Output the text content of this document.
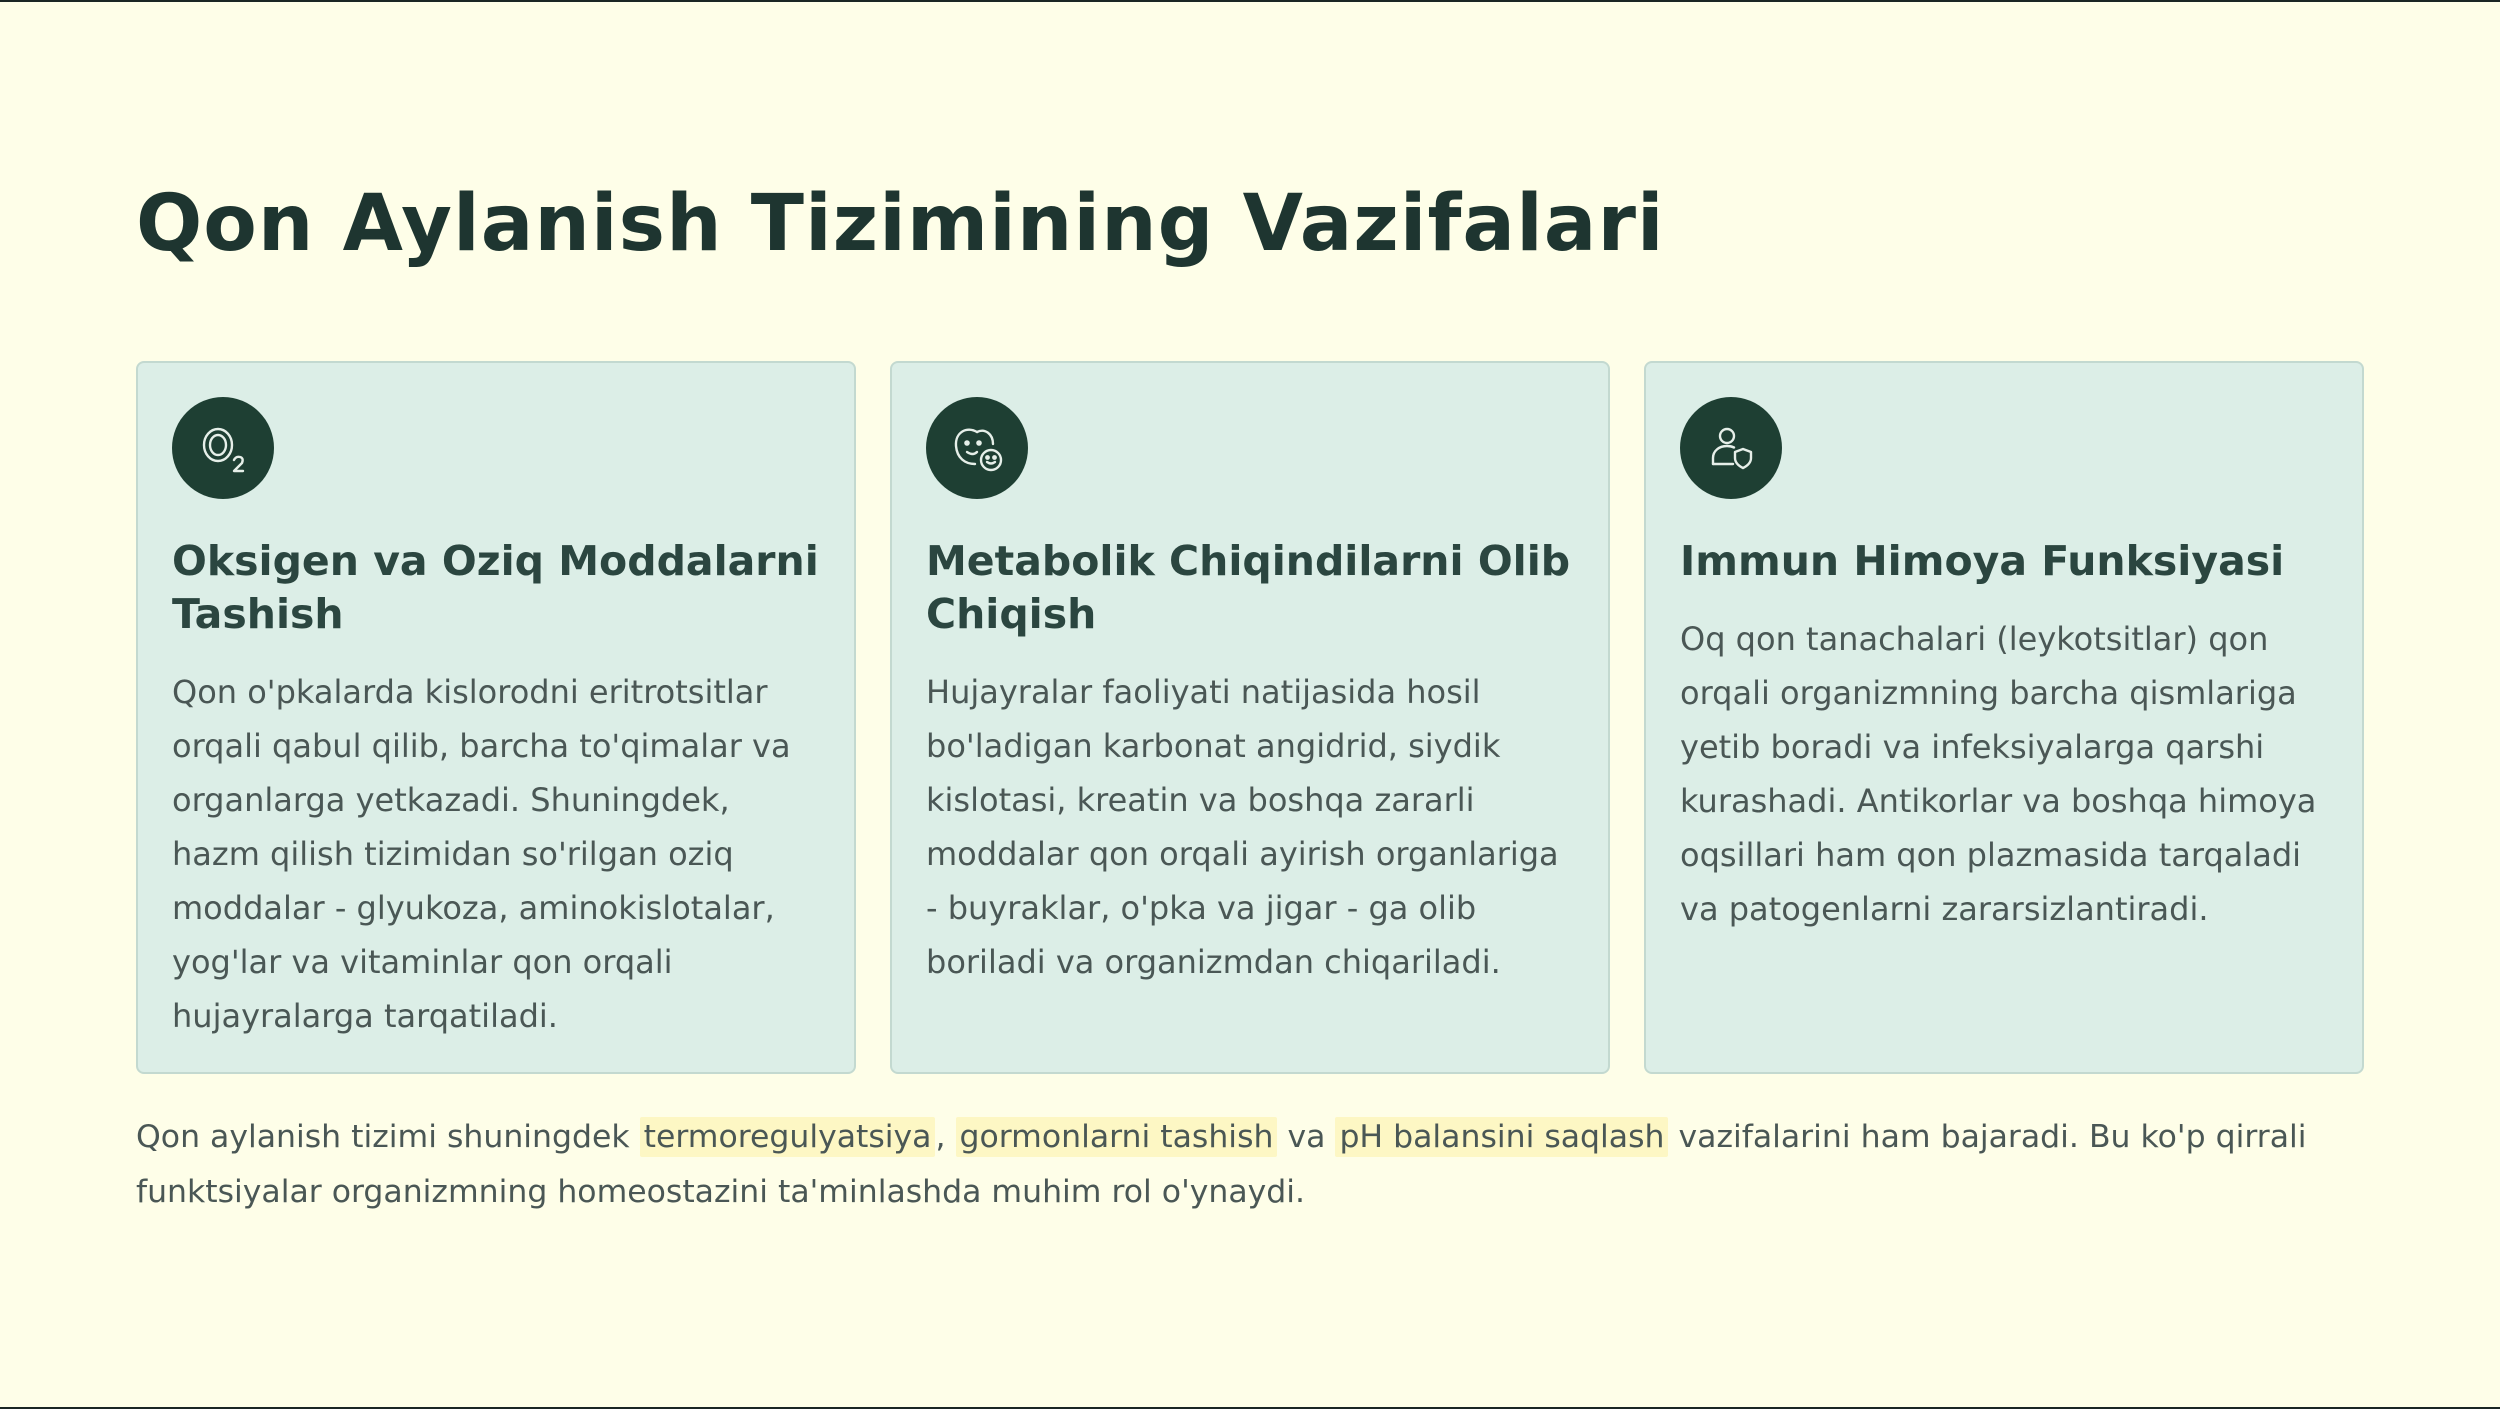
Qon Aylanish Tizimining Vazifalari
Oksigen va Oziq Moddalarni Tashish

Qon o'pkalarda kislorodni eritrotsitlar orqali qabul qilib, barcha to'qimalar va organlarga yetkazadi. Shuningdek, hazm qilish tizimidan so'rilgan oziq moddalar - glyukoza, aminokislotalar, yog'lar va vitaminlar qon orqali hujayralarga tarqatiladi.

Metabolik Chiqindilarni Olib Chiqish

Hujayralar faoliyati natijasida hosil bo'ladigan karbonat angidrid, siydik kislotasi, kreatin va boshqa zararli moddalar qon orqali ayirish organlariga - buyraklar, o'pka va jigar - ga olib boriladi va organizmdan chiqariladi.

Immun Himoya Funksiyasi

Oq qon tanachalari (leykotsitlar) qon orqali organizmning barcha qismlariga yetib boradi va infeksiyalarga qarshi kurashadi. Antikorlar va boshqa himoya oqsillari ham qon plazmasida tarqaladi va patogenlarni zararsizlantiradi.

Qon aylanish tizimi shuningdek termoregulyatsiya , gormonlarni tashish va pH balansini saqlash vazifalarini ham bajaradi. Bu ko'p qirrali funktsiyalar organizmning homeostazini ta'minlashda muhim rol o'ynaydi.
